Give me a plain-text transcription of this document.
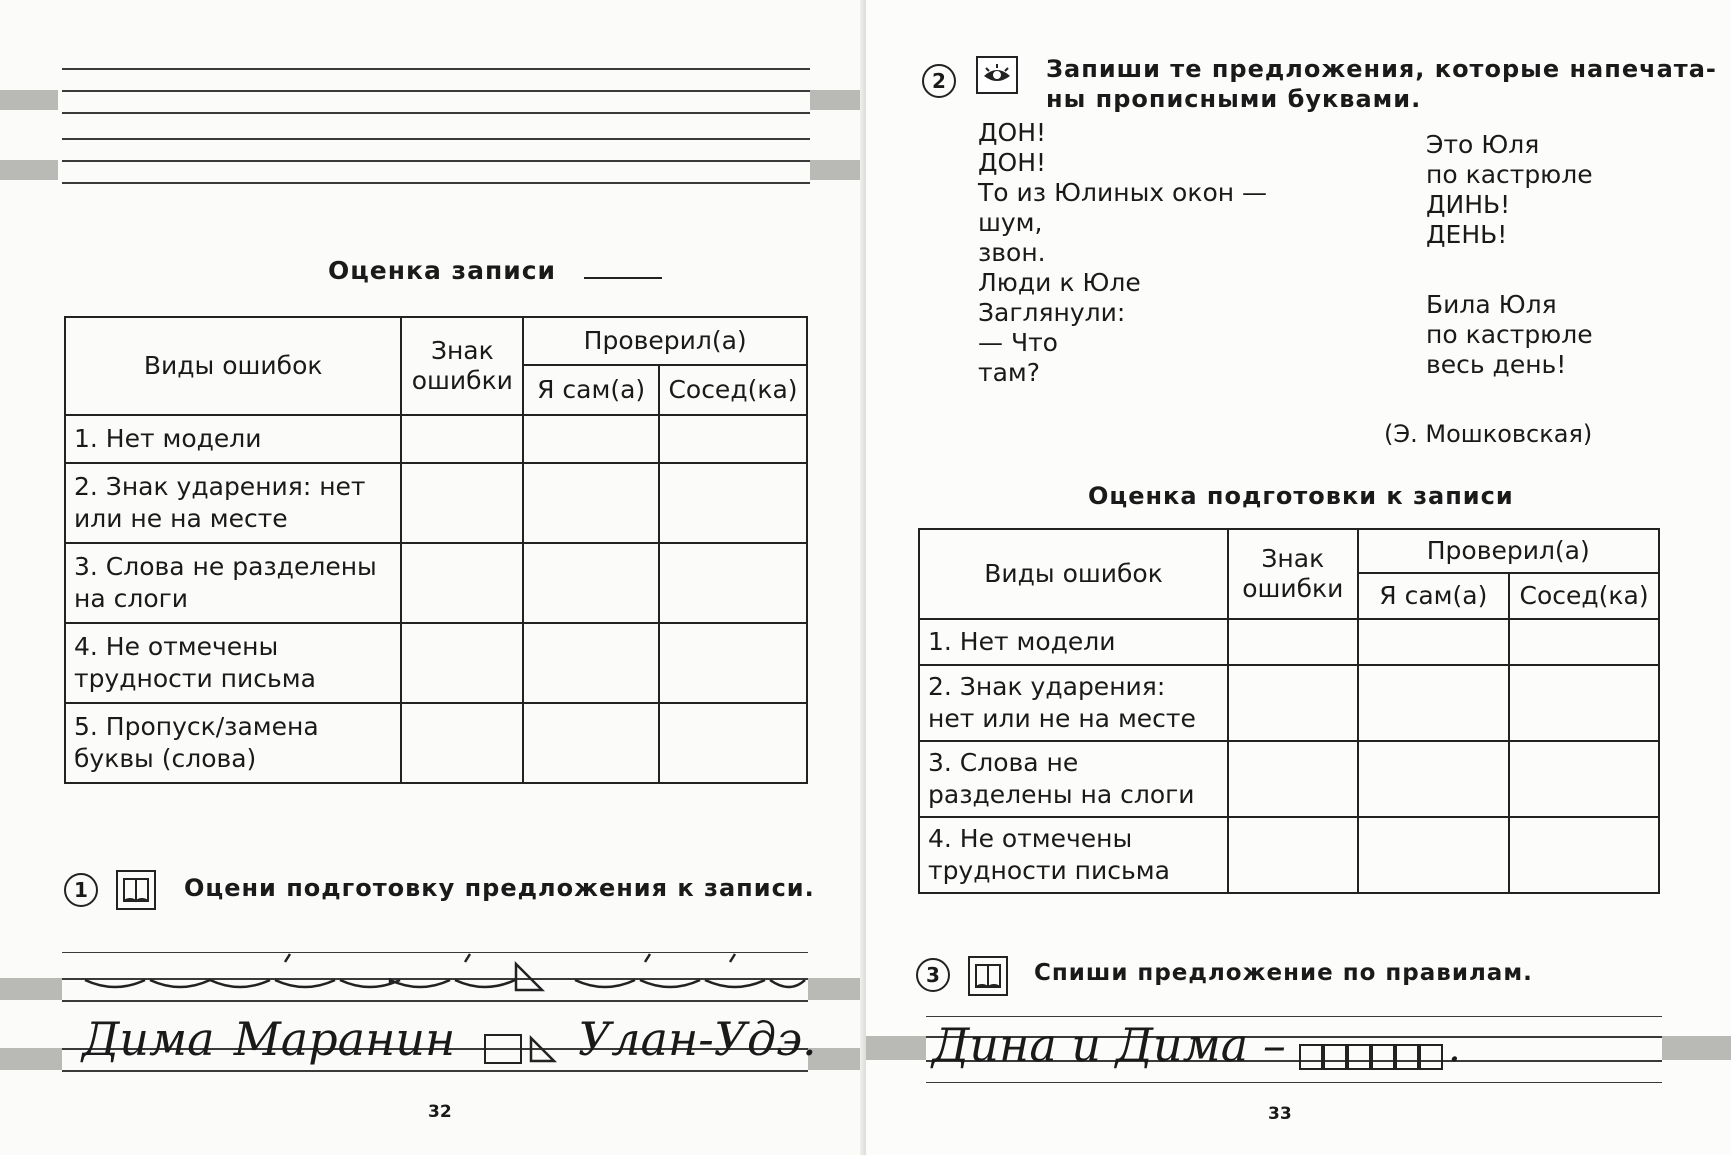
Оценка записи
Виды ошибок	Знак ошибки	Проверил(а)	
		Я сам(а)	Сосед(ка)
1. Нет модели			
2. Знак ударения: нет или не на месте			
3. Слова не разделены на слоги			
4. Не отмечены трудности письма			
5. Пропуск/замена буквы (слова)			
1	Оцени подготовку предложения к записи.
Дима Маранин
	Улан-Удэ.
32
2	Запиши те предложения, которые напечата-
ны прописными буквами.
ДОН!
ДОН!
То из Юлиных окон —
шум,
звон.
Люди к Юле
Заглянули:
— Что
там?
Это Юля
по кастрюле
ДИНЬ!
ДЕНЬ!
Била Юля
по кастрюле
весь день!
(Э. Мошковская)
Оценка подготовки к записи
Виды ошибок	Знак ошибки	Проверил(а)	
		Я сам(а)	Сосед(ка)
1. Нет модели			
2. Знак ударения: нет или не на месте			
3. Слова не разделены на слоги			
4. Не отмечены трудности письма			
3	Спиши предложение по правилам.
Дина и Дима –	.
33
